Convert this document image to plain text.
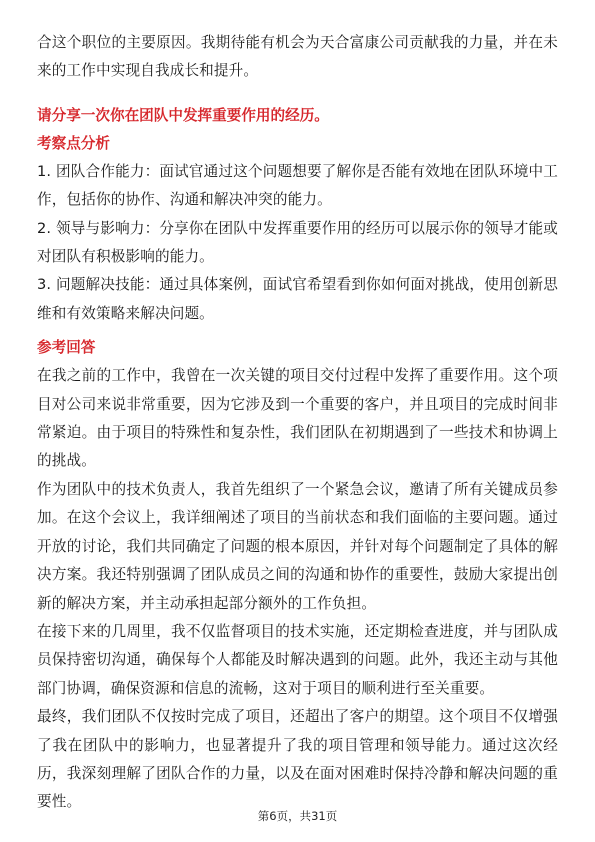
合这个职位的主要原因。我期待能有机会为天合富康公司贡献我的力量，并在未来的工作中实现自我成长和提升。

请分享一次你在团队中发挥重要作用的经历。
考察点分析

1. 团队合作能力：面试官通过这个问题想要了解你是否能有效地在团队环境中工作，包括你的协作、沟通和解决冲突的能力。

2. 领导与影响力：分享你在团队中发挥重要作用的经历可以展示你的领导才能或对团队有积极影响的能力。

3. 问题解决技能：通过具体案例，面试官希望看到你如何面对挑战，使用创新思维和有效策略来解决问题。

参考回答

在我之前的工作中，我曾在一次关键的项目交付过程中发挥了重要作用。这个项目对公司来说非常重要，因为它涉及到一个重要的客户，并且项目的完成时间非常紧迫。由于项目的特殊性和复杂性，我们团队在初期遇到了一些技术和协调上的挑战。

作为团队中的技术负责人，我首先组织了一个紧急会议，邀请了所有关键成员参加。在这个会议上，我详细阐述了项目的当前状态和我们面临的主要问题。通过开放的讨论，我们共同确定了问题的根本原因，并针对每个问题制定了具体的解决方案。我还特别强调了团队成员之间的沟通和协作的重要性，鼓励大家提出创新的解决方案，并主动承担起部分额外的工作负担。

在接下来的几周里，我不仅监督项目的技术实施，还定期检查进度，并与团队成员保持密切沟通，确保每个人都能及时解决遇到的问题。此外，我还主动与其他部门协调，确保资源和信息的流畅，这对于项目的顺利进行至关重要。

最终，我们团队不仅按时完成了项目，还超出了客户的期望。这个项目不仅增强了我在团队中的影响力，也显著提升了我的项目管理和领导能力。通过这次经历，我深刻理解了团队合作的力量，以及在面对困难时保持冷静和解决问题的重要性。

第6页，共31页
